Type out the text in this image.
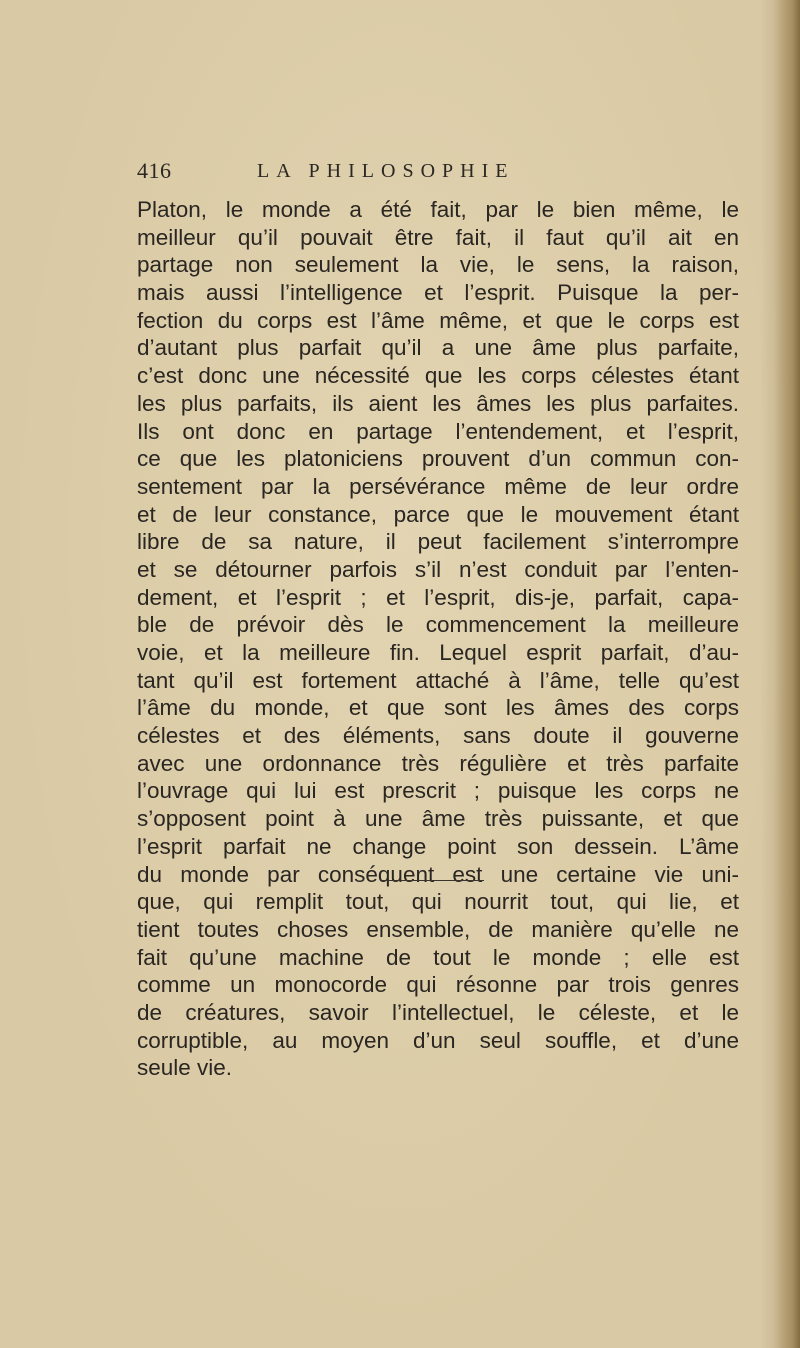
416	LA PHILOSOPHIE
Platon, le monde a été fait, par le bien même, le
meilleur qu’il pouvait être fait, il faut qu’il ait en
partage non seulement la vie, le sens, la raison,
mais aussi l’intelligence et l’esprit. Puisque la per-
fection du corps est l’âme même, et que le corps est
d’autant plus parfait qu’il a une âme plus parfaite,
c’est donc une nécessité que les corps célestes étant
les plus parfaits, ils aient les âmes les plus parfaites.
Ils ont donc en partage l’entendement, et l’esprit,
ce que les platoniciens prouvent d’un commun con-
sentement par la persévérance même de leur ordre
et de leur constance, parce que le mouvement étant
libre de sa nature, il peut facilement s’interrompre
et se détourner parfois s’il n’est conduit par l’enten-
dement, et l’esprit ; et l’esprit, dis-je, parfait, capa-
ble de prévoir dès le commencement la meilleure
voie, et la meilleure fin. Lequel esprit parfait, d’au-
tant qu’il est fortement attaché à l’âme, telle qu’est
l’âme du monde, et que sont les âmes des corps
célestes et des éléments, sans doute il gouverne
avec une ordonnance très régulière et très parfaite
l’ouvrage qui lui est prescrit ; puisque les corps ne
s’opposent point à une âme très puissante, et que
l’esprit parfait ne change point son dessein. L’âme
du monde par conséquent est une certaine vie uni-
que, qui remplit tout, qui nourrit tout, qui lie, et
tient toutes choses ensemble, de manière qu’elle ne
fait qu’une machine de tout le monde ; elle est
comme un monocorde qui résonne par trois genres
de créatures, savoir l’intellectuel, le céleste, et le
corruptible, au moyen d’un seul souffle, et d’une
seule vie.
